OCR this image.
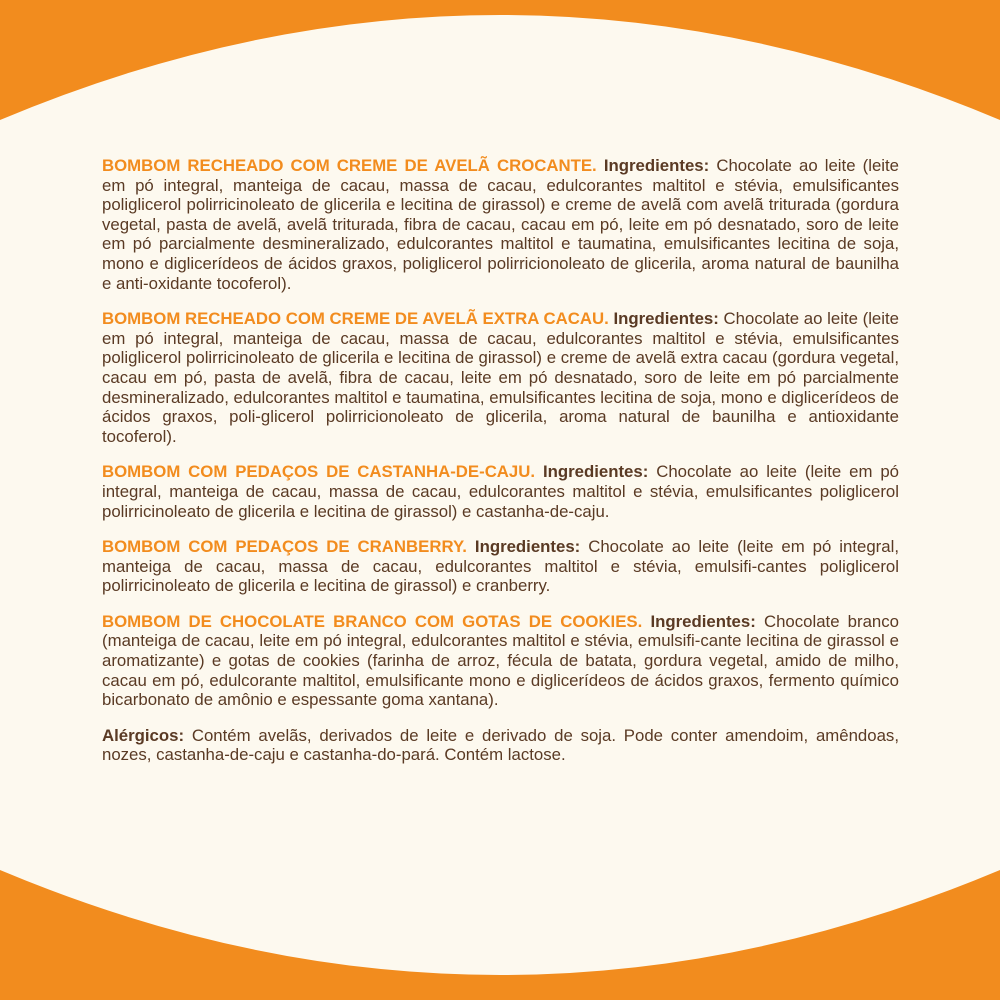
BOMBOM RECHEADO COM CREME DE AVELÃ CROCANTE. Ingredientes: Chocolate ao leite (leite em pó integral, manteiga de cacau, massa de cacau, edulcorantes maltitol e stévia, emulsificantes poliglicerol polirricinoleato de glicerila e lecitina de girassol) e creme de avelã com avelã triturada (gordura vegetal, pasta de avelã, avelã triturada, fibra de cacau, cacau em pó, leite em pó desnatado, soro de leite em pó parcialmente desmineralizado, edulcorantes maltitol e taumatina, emulsificantes lecitina de soja, mono e diglicerídeos de ácidos graxos, poliglicerol polirricionoleato de glicerila, aroma natural de baunilha e anti-oxidante tocoferol).

BOMBOM RECHEADO COM CREME DE AVELÃ EXTRA CACAU. Ingredientes: Chocolate ao leite (leite em pó integral, manteiga de cacau, massa de cacau, edulcorantes maltitol e stévia, emulsificantes poliglicerol polirricinoleato de glicerila e lecitina de girassol) e creme de avelã extra cacau (gordura vegetal, cacau em pó, pasta de avelã, fibra de cacau, leite em pó desnatado, soro de leite em pó parcialmente desmineralizado, edulcorantes maltitol e taumatina, emulsificantes lecitina de soja, mono e diglicerídeos de ácidos graxos, poli-glicerol polirricionoleato de glicerila, aroma natural de baunilha e antioxidante tocoferol).

BOMBOM COM PEDAÇOS DE CASTANHA-DE-CAJU. Ingredientes: Chocolate ao leite (leite em pó integral, manteiga de cacau, massa de cacau, edulcorantes maltitol e stévia, emulsificantes poliglicerol polirricinoleato de glicerila e lecitina de girassol) e castanha-de-caju.

BOMBOM COM PEDAÇOS DE CRANBERRY. Ingredientes: Chocolate ao leite (leite em pó integral, manteiga de cacau, massa de cacau, edulcorantes maltitol e stévia, emulsifi-cantes poliglicerol polirricinoleato de glicerila e lecitina de girassol) e cranberry.

BOMBOM DE CHOCOLATE BRANCO COM GOTAS DE COOKIES. Ingredientes: Chocolate branco (manteiga de cacau, leite em pó integral, edulcorantes maltitol e stévia, emulsifi-cante lecitina de girassol e aromatizante) e gotas de cookies (farinha de arroz, fécula de batata, gordura vegetal, amido de milho, cacau em pó, edulcorante maltitol, emulsificante mono e diglicerídeos de ácidos graxos, fermento químico bicarbonato de amônio e espessante goma xantana).

Alérgicos: Contém avelãs, derivados de leite e derivado de soja. Pode conter amendoim, amêndoas, nozes, castanha-de-caju e castanha-do-pará. Contém lactose.
